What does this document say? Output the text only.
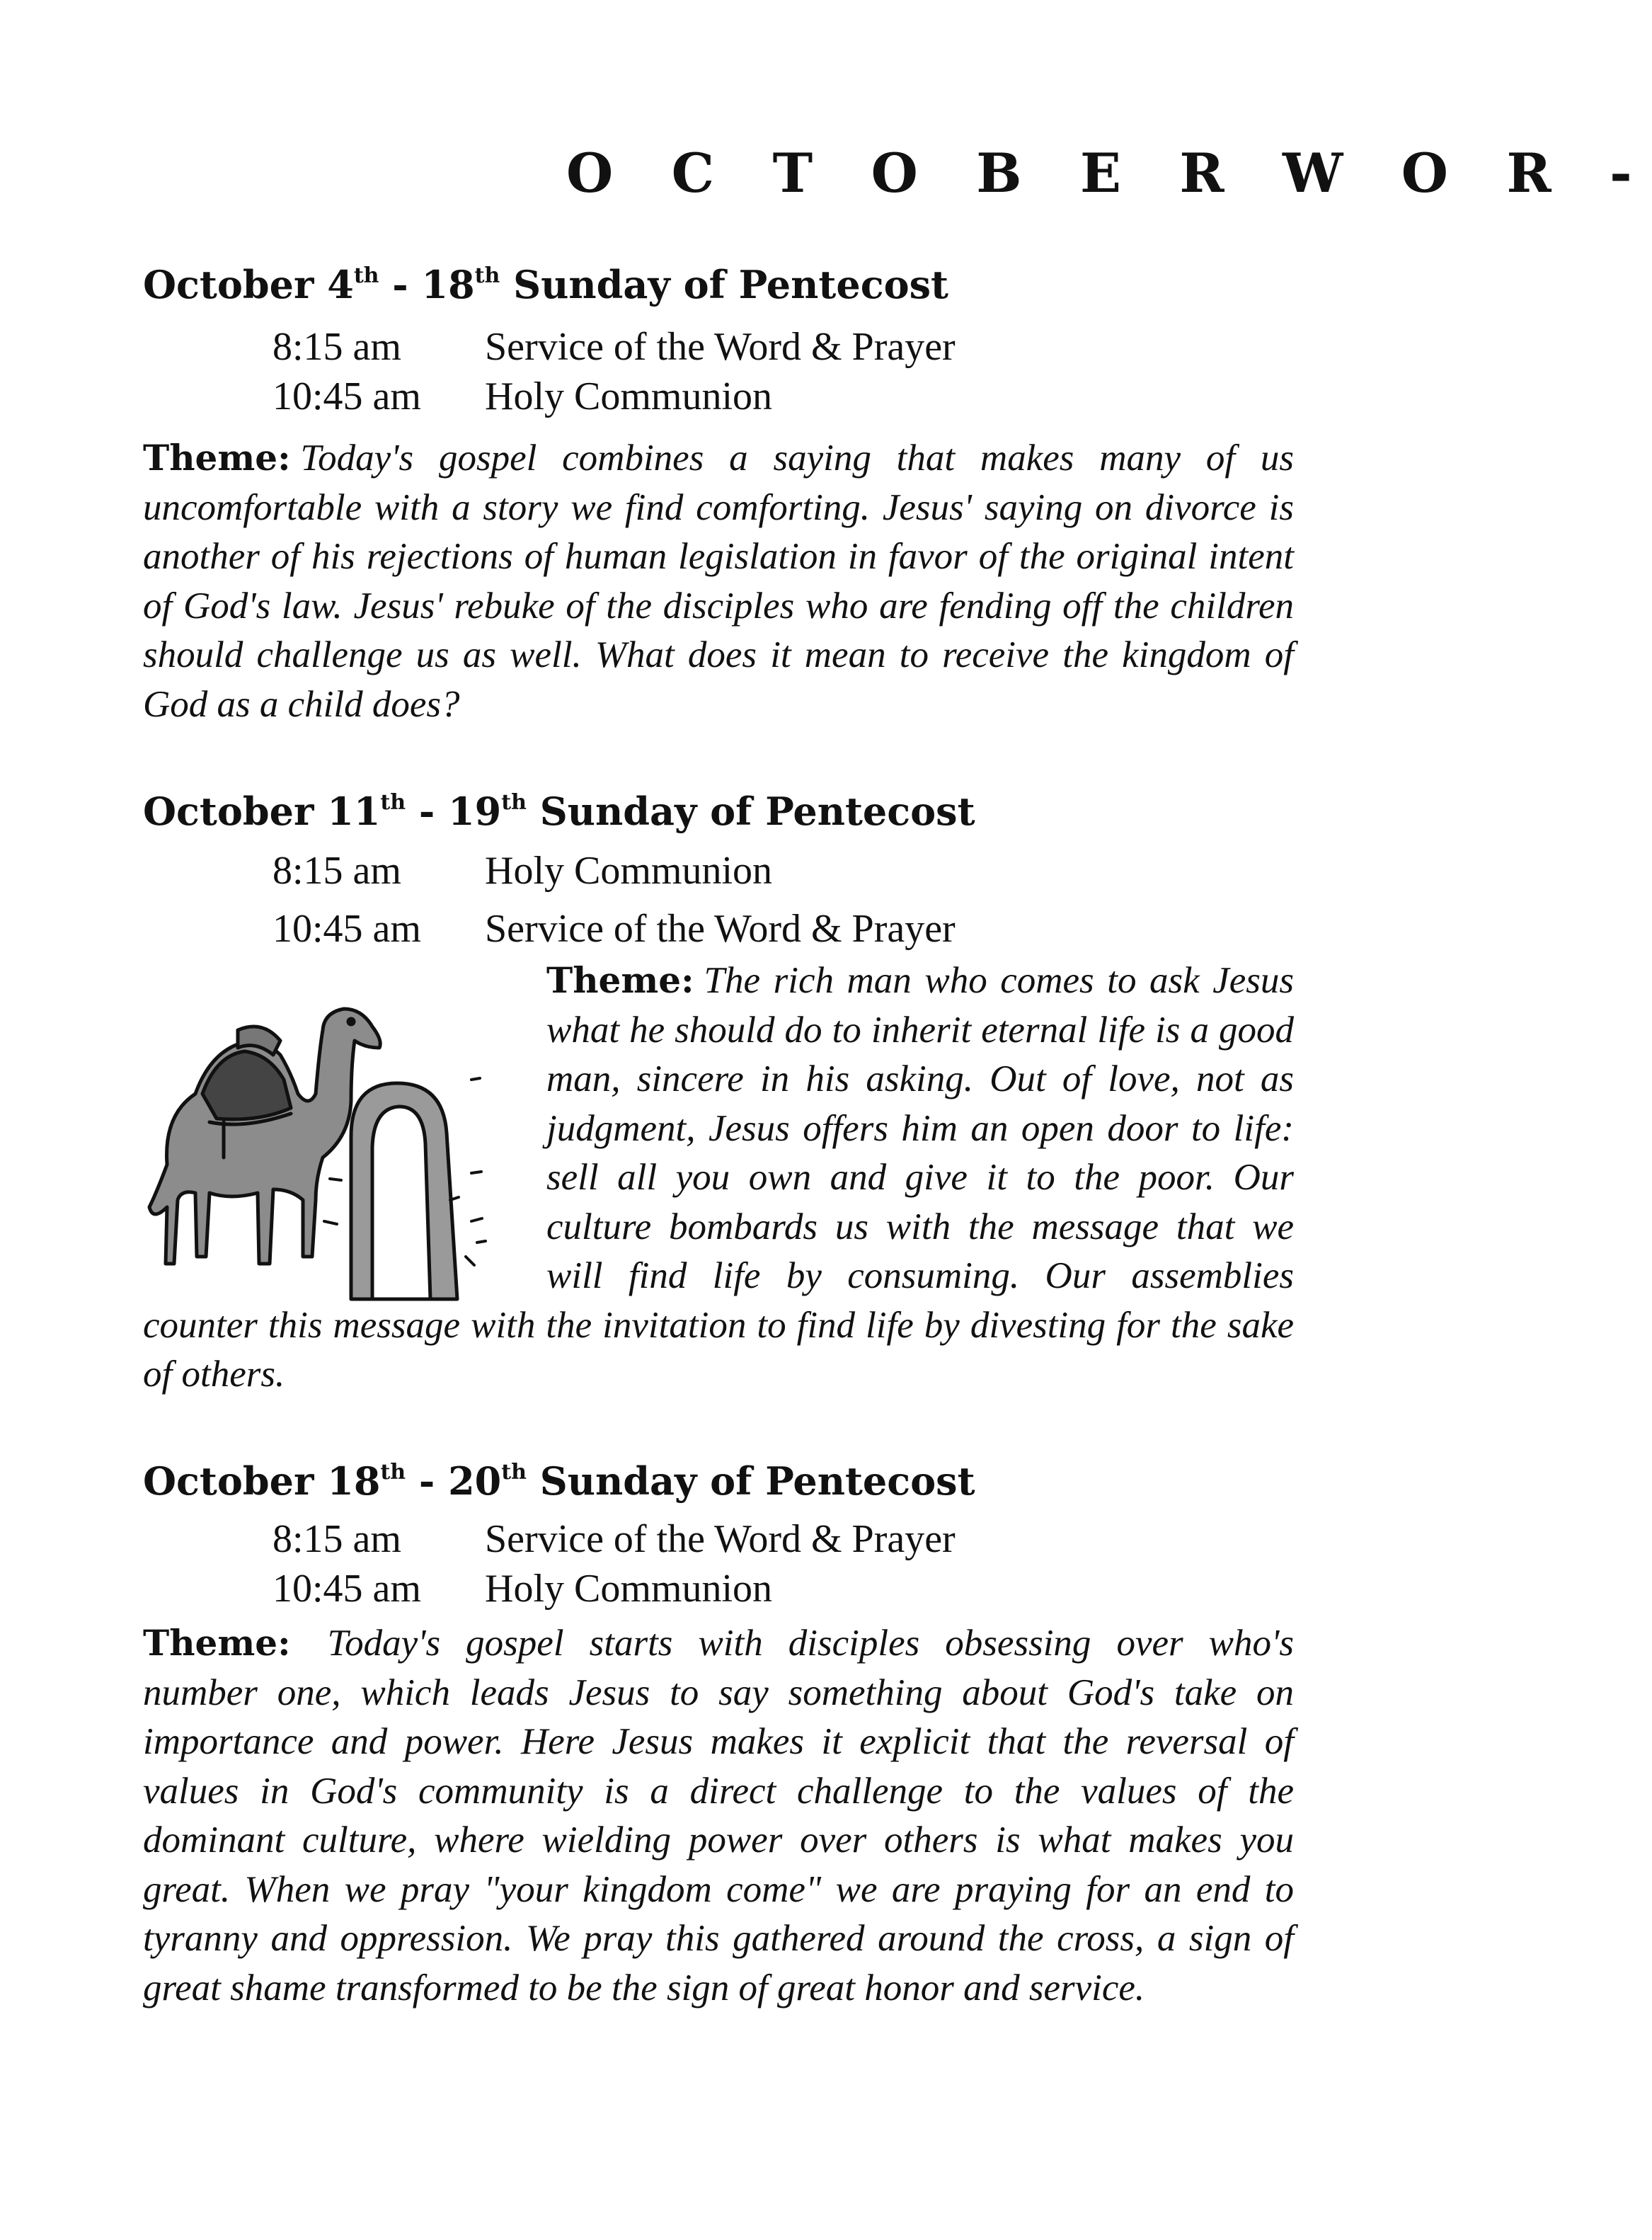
O C T O B E R W O R -
October 4th - 18th Sunday of Pentecost
8:15 am Service of the Word & Prayer
10:45 am Holy Communion
Theme: Today's gospel combines a saying that makes many of us uncomfortable with a story we find comforting. Jesus' saying on divorce is another of his rejections of human legislation in favor of the original intent of God's law. Jesus' rebuke of the disciples who are fending off the children should challenge us as well. What does it mean to receive the kingdom of God as a child does?
October 11th - 19th Sunday of Pentecost
8:15 am Holy Communion
10:45 am Service of the Word & Prayer
Theme: The rich man who comes to ask Jesus what he should do to inherit eternal life is a good man, sincere in his asking. Out of love, not as judgment, Jesus offers him an open door to life: sell all you own and give it to the poor. Our culture bombards us with the message that we will find life by consuming. Our assemblies counter this message with the invitation to find life by divesting for the sake of others.
October 18th - 20th Sunday of Pentecost
8:15 am Service of the Word & Prayer
10:45 am Holy Communion
Theme: Today's gospel starts with disciples obsessing over who's number one, which leads Jesus to say something about God's take on importance and power. Here Jesus makes it explicit that the reversal of values in God's community is a direct challenge to the values of the dominant culture, where wielding power over others is what makes you great. When we pray "your kingdom come" we are praying for an end to tyranny and oppression. We pray this gathered around the cross, a sign of great shame transformed to be the sign of great honor and service.
